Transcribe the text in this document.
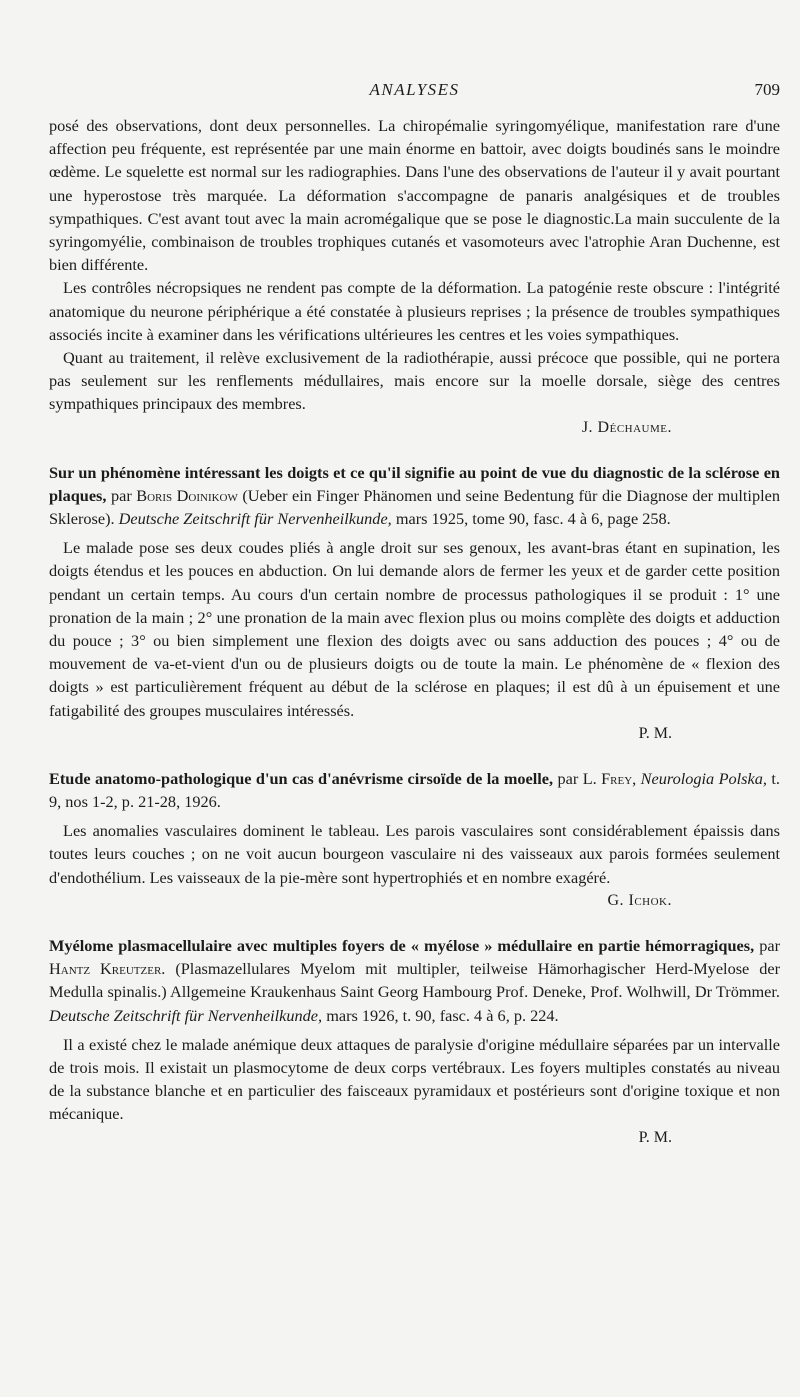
ANALYSES	709

posé des observations, dont deux personnelles. La chiropémalie syringomyélique, manifestation rare d'une affection peu fréquente, est représentée par une main énorme en battoir, avec doigts boudinés sans le moindre œdème. Le squelette est normal sur les radiographies. Dans l'une des observations de l'auteur il y avait pourtant une hyperostose très marquée. La déformation s'accompagne de panaris analgésiques et de troubles sympathiques. C'est avant tout avec la main acromégalique que se pose le diagnostic.La main succulente de la syringomyélie, combinaison de troubles trophiques cutanés et vasomoteurs avec l'atrophie Aran Duchenne, est bien différente.

Les contrôles nécropsiques ne rendent pas compte de la déformation. La patogénie reste obscure : l'intégrité anatomique du neurone périphérique a été constatée à plusieurs reprises ; la présence de troubles sympathiques associés incite à examiner dans les vérifications ultérieures les centres et les voies sympathiques.

Quant au traitement, il relève exclusivement de la radiothérapie, aussi précoce que possible, qui ne portera pas seulement sur les renflements médullaires, mais encore sur la moelle dorsale, siège des centres sympathiques principaux des membres.

J. Déchaume.
Sur un phénomène intéressant les doigts et ce qu'il signifie au point de vue du diagnostic de la sclérose en plaques, par Boris Doinikow (Ueber ein Finger Phänomen und seine Bedentung für die Diagnose der multiplen Sklerose). Deutsche Zeitschrift für Nervenheilkunde, mars 1925, tome 90, fasc. 4 à 6, page 258.

Le malade pose ses deux coudes pliés à angle droit sur ses genoux, les avant-bras étant en supination, les doigts étendus et les pouces en abduction. On lui demande alors de fermer les yeux et de garder cette position pendant un certain temps. Au cours d'un certain nombre de processus pathologiques il se produit : 1° une pronation de la main ; 2° une pronation de la main avec flexion plus ou moins complète des doigts et adduction du pouce ; 3° ou bien simplement une flexion des doigts avec ou sans adduction des pouces ; 4° ou de mouvement de va-et-vient d'un ou de plusieurs doigts ou de toute la main. Le phénomène de « flexion des doigts » est particulièrement fréquent au début de la sclérose en plaques; il est dû à un épuisement et une fatigabilité des groupes musculaires intéressés.

P. M.
Etude anatomo-pathologique d'un cas d'anévrisme cirsoïde de la moelle, par L. Frey, Neurologia Polska, t. 9, nos 1-2, p. 21-28, 1926.

Les anomalies vasculaires dominent le tableau. Les parois vasculaires sont considérablement épaissis dans toutes leurs couches ; on ne voit aucun bourgeon vasculaire ni des vaisseaux aux parois formées seulement d'endothélium. Les vaisseaux de la pie-mère sont hypertrophiés et en nombre exagéré.

G. Ichok.
Myélome plasmacellulaire avec multiples foyers de « myélose » médullaire en partie hémorragiques, par Hantz Kreutzer. (Plasmazellulares Myelom mit multipler, teilweise Hämorhagischer Herd-Myelose der Medulla spinalis.) Allgemeine Kraukenhaus Saint Georg Hambourg Prof. Deneke, Prof. Wolhwill, Dr Trömmer. Deutsche Zeitschrift für Nervenheilkunde, mars 1926, t. 90, fasc. 4 à 6, p. 224.

Il a existé chez le malade anémique deux attaques de paralysie d'origine médullaire séparées par un intervalle de trois mois. Il existait un plasmocytome de deux corps vertébraux. Les foyers multiples constatés au niveau de la substance blanche et en particulier des faisceaux pyramidaux et postérieurs sont d'origine toxique et non mécanique.

P. M.
